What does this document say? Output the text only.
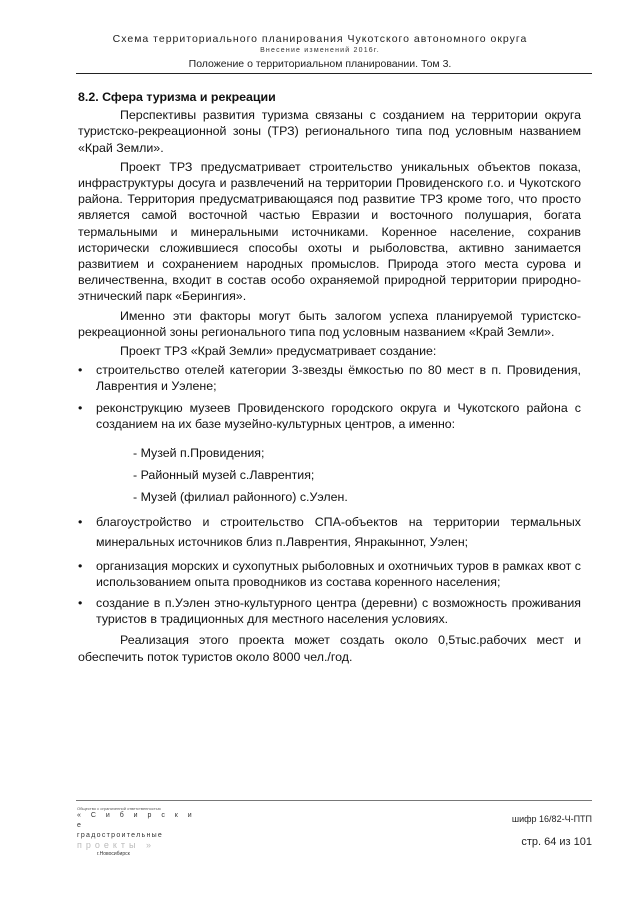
Схема территориального планирования Чукотского автономного округа
Внесение изменений 2016г.
Положение о территориальном планировании. Том 3.
8.2. Сфера туризма и рекреации
Перспективы развития туризма связаны с созданием на территории округа туристско-рекреационной зоны (ТРЗ) регионального типа под условным названием «Край Земли».
Проект ТРЗ предусматривает строительство уникальных объектов показа, инфраструктуры досуга и развлечений на территории Провиденского г.о. и Чукотского района. Территория предусматривающаяся под развитие ТРЗ кроме того, что просто является самой восточной частью Евразии и восточного полушария, богата термальными и минеральными источниками. Коренное население, сохранив исторически сложившиеся способы охоты и рыболовства, активно занимается развитием и сохранением народных промыслов. Природа этого места сурова и величественна, входит в состав особо охраняемой природной территории природно-этнический парк «Берингия».
Именно эти факторы могут быть залогом успеха планируемой туристско-рекреационной зоны регионального типа под условным названием «Край Земли».
Проект ТРЗ «Край Земли» предусматривает создание:
• строительство отелей категории 3-звезды ёмкостью по 80 мест в п. Провидения, Лаврентия и Уэлене;
• реконструкцию музеев Провиденского городского округа и Чукотского района с созданием на их базе музейно-культурных центров, а именно:
- Музей п.Провидения;
- Районный музей с.Лаврентия;
- Музей (филиал районного) с.Уэлен.
• благоустройство и строительство СПА-объектов на территории термальных минеральных источников близ п.Лаврентия, Янракыннот, Уэлен;
• организация морских и сухопутных рыболовных и охотничьих туров в рамках квот с использованием опыта проводников из состава коренного населения;
• создание в п.Уэлен этно-культурного центра (деревни) с возможность проживания туристов в традиционных для местного населения условиях.
Реализация этого проекта может создать около 0,5тыс.рабочих мест и обеспечить поток туристов около 8000 чел./год.
Общество с ограниченной ответственностью
« С и б и р с к и е
градостроительные
проекты »
г.Новосибирск
шифр 16/82-Ч-ПТП
стр. 64 из 101
